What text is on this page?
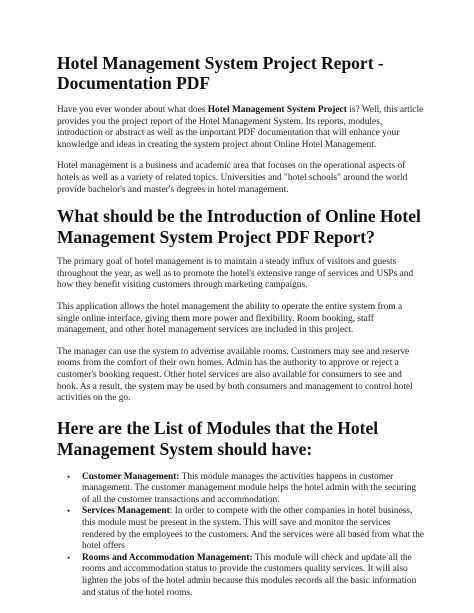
Hotel Management System Project Report - Documentation PDF

Have you ever wonder about what does Hotel Management System Project is? Well, this article provides you the project report of the Hotel Management System. Its reports, modules, introduction or abstract as well as the important PDF documentation that will enhance your knowledge and ideas in creating the system project about Online Hotel Management.

Hotel management is a business and academic area that focuses on the operational aspects of hotels as well as a variety of related topics. Universities and "hotel schools" around the world provide bachelor's and master's degrees in hotel management.

What should be the Introduction of Online Hotel Management System Project PDF Report?

The primary goal of hotel management is to maintain a steady influx of visitors and guests throughout the year, as well as to promote the hotel's extensive range of services and USPs and how they benefit visiting customers through marketing campaigns.

This application allows the hotel management the ability to operate the entire system from a single online interface, giving them more power and flexibility. Room booking, staff management, and other hotel management services are included in this project.

The manager can use the system to advertise available rooms. Customers may see and reserve rooms from the comfort of their own homes. Admin has the authority to approve or reject a customer's booking request. Other hotel services are also available for consumers to see and book. As a result, the system may be used by both consumers and management to control hotel activities on the go.

Here are the List of Modules that the Hotel Management System should have:
• Customer Management: This module manages the activities happens in customer management. The customer management module helps the hotel admin with the securing of all the customer transactions and accommodation.
• Services Management: In order to compete with the other companies in hotel business, this module must be present in the system. This will save and monitor the services rendered by the employees to the customers. And the services were all based from what the hotel offers
• Rooms and Accommodation Management: This module will check and update all the rooms and accommodation status to provide the customers quality services. It will also lighten the jobs of the hotel admin because this modules records all the basic information and status of the hotel rooms.
